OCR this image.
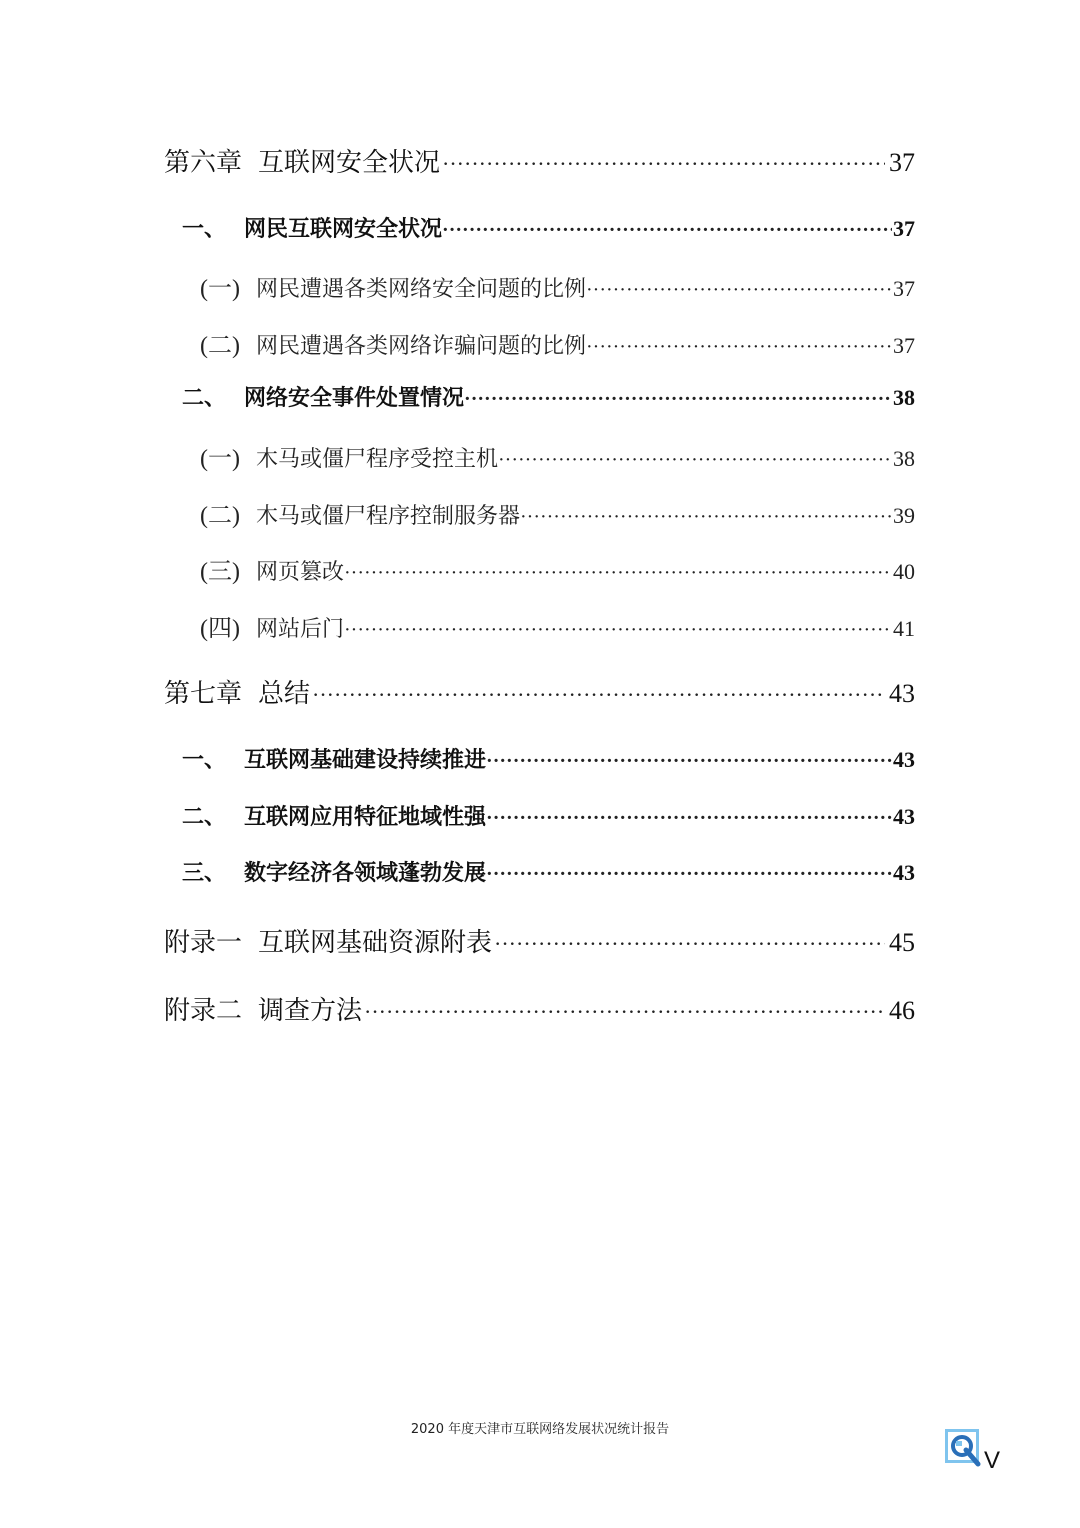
第六章 互联网安全状况 ·····	37
一、 网民互联网安全状况 ·····	37
(一) 网民遭遇各类网络安全问题的比例 ·····	37
(二) 网民遭遇各类网络诈骗问题的比例 ·····	37
二、 网络安全事件处置情况 ·····	38
(一) 木马或僵尸程序受控主机 ·····	38
(二) 木马或僵尸程序控制服务器 ·····	39
(三) 网页篡改 ·····	40
(四) 网站后门 ·····	41
第七章 总结 ·····	43
一、 互联网基础建设持续推进 ·····	43
二、 互联网应用特征地域性强 ·····	43
三、 数字经济各领域蓬勃发展 ·····	43
附录一 互联网基础资源附表 ·····	45
附录二 调查方法 ·····	46
2020 年度天津市互联网络发展状况统计报告
V
